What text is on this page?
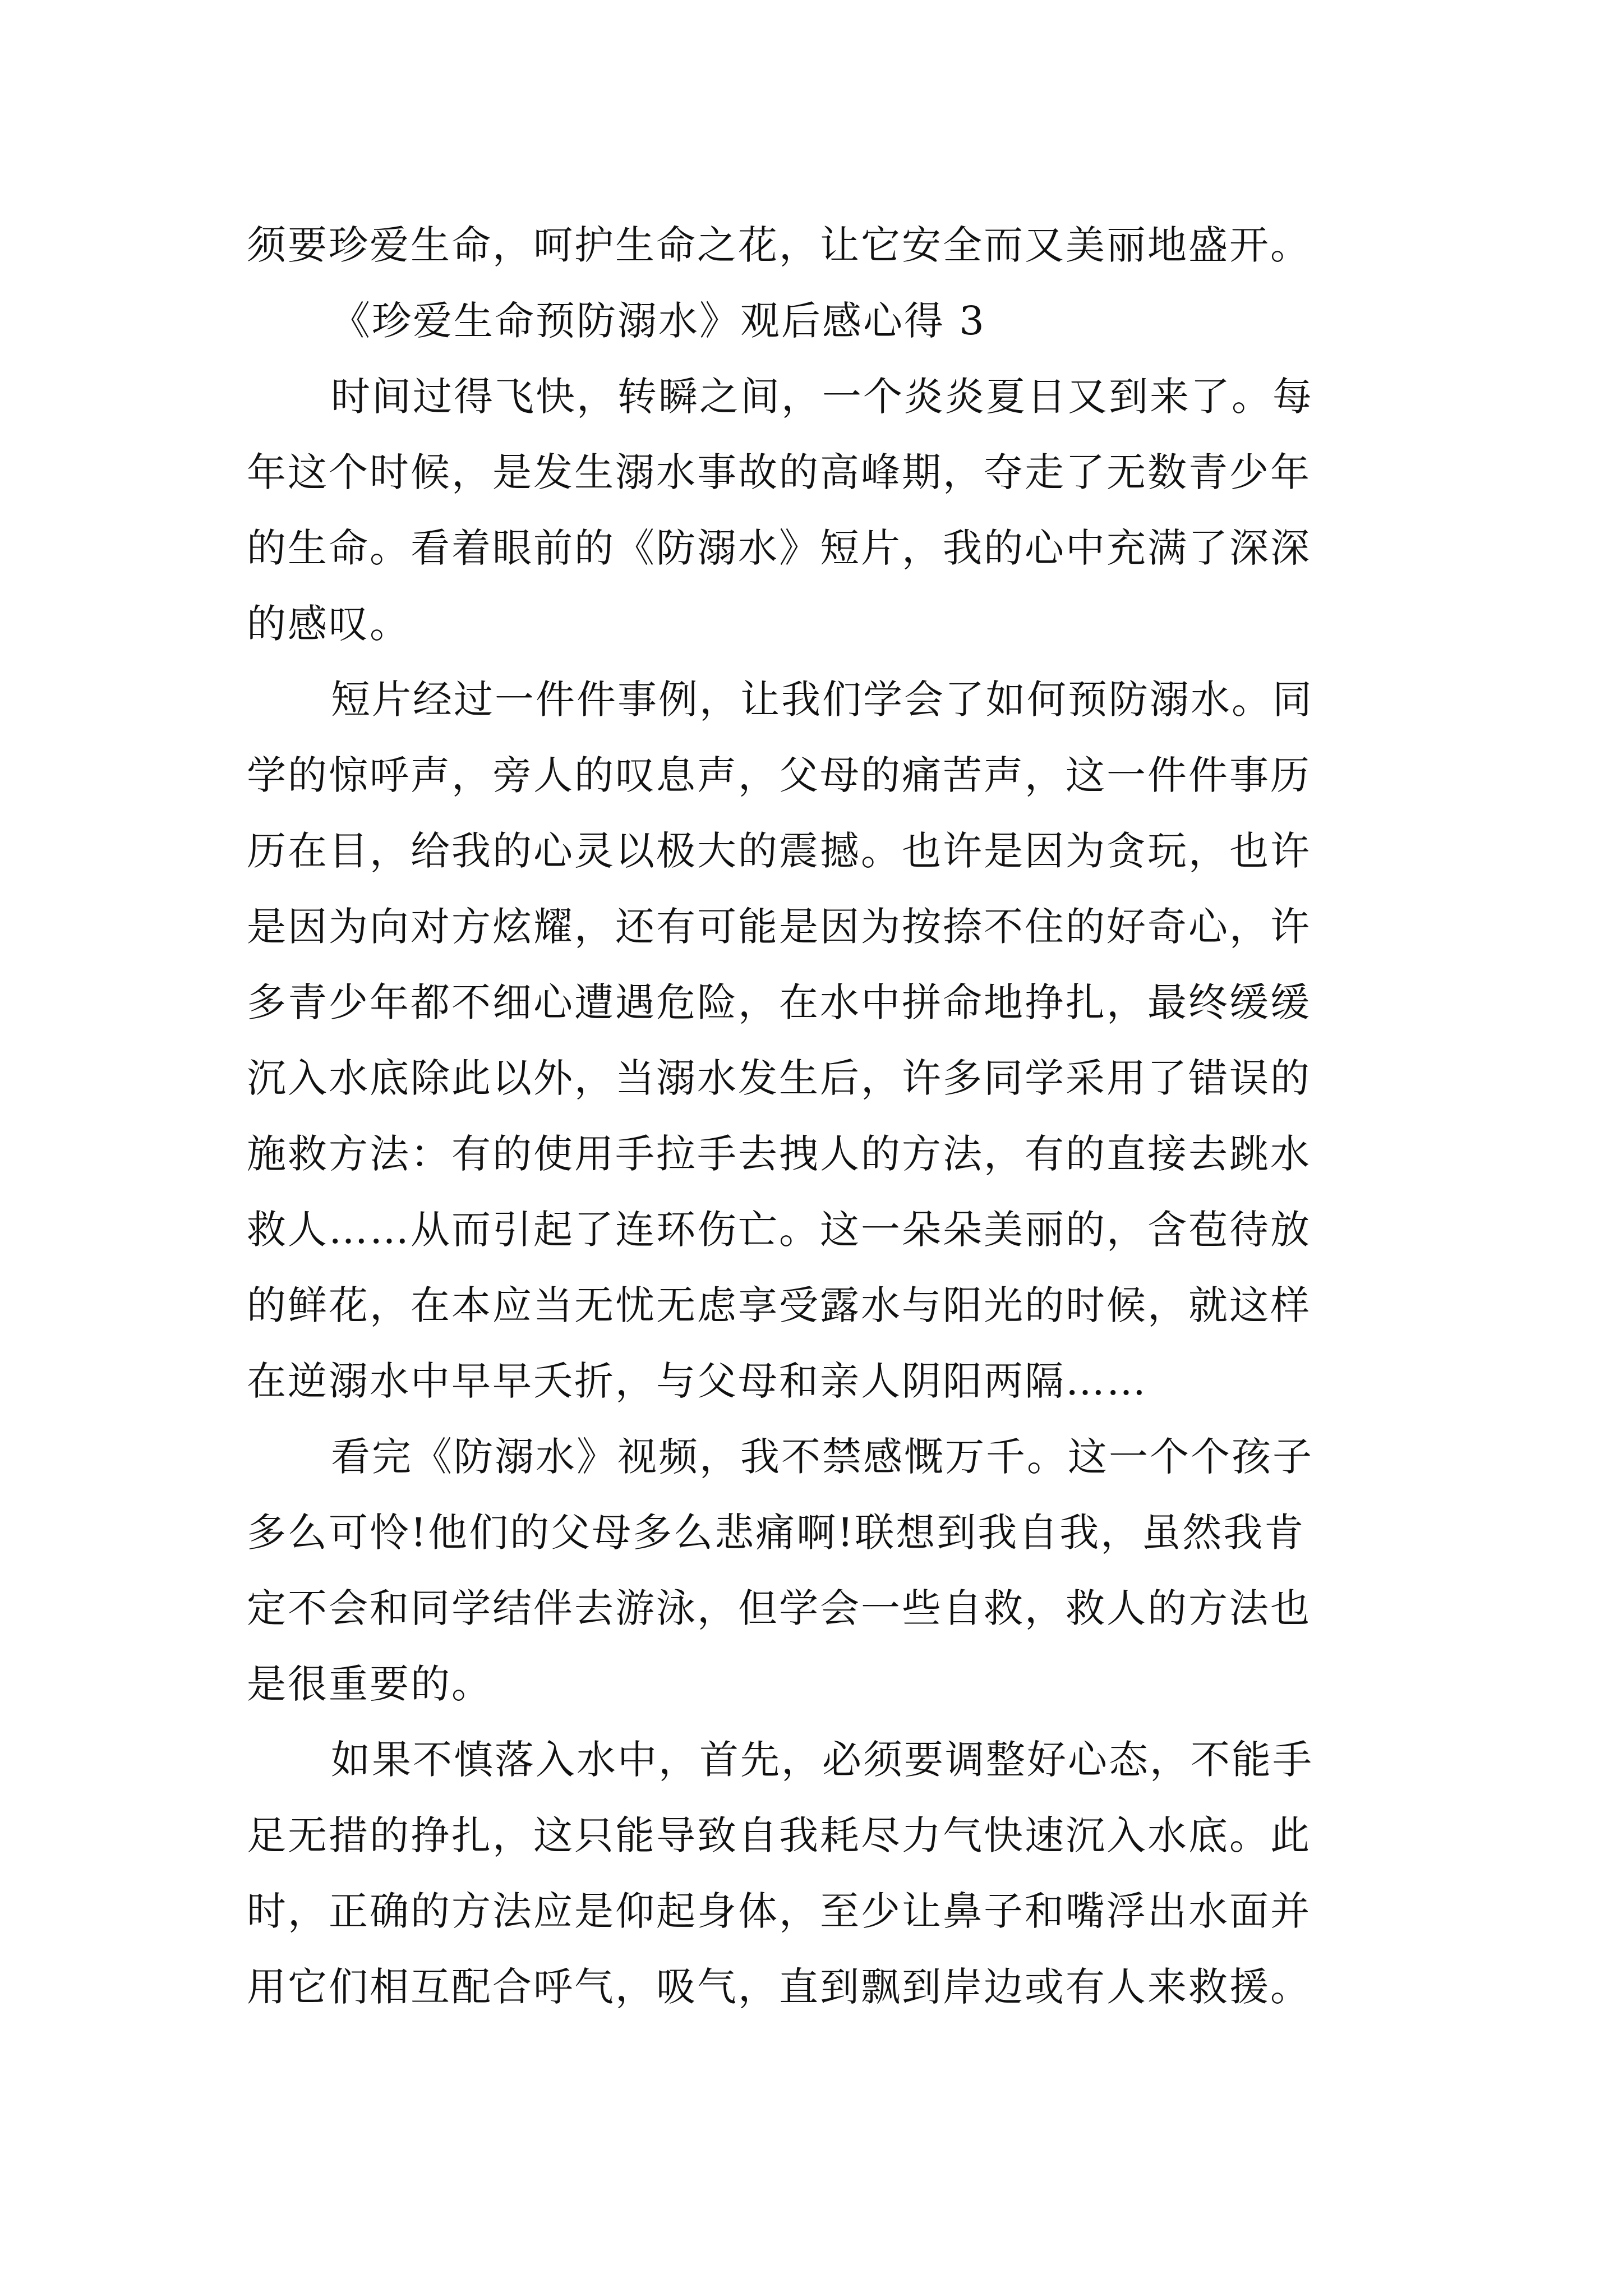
须要珍爱生命，呵护生命之花，让它安全而又美丽地盛开。
《珍爱生命预防溺水》观后感心得 3
时间过得飞快，转瞬之间，一个炎炎夏日又到来了。每
年这个时候，是发生溺水事故的高峰期，夺走了无数青少年
的生命。看着眼前的《防溺水》短片，我的心中充满了深深
的感叹。
短片经过一件件事例，让我们学会了如何预防溺水。同
学的惊呼声，旁人的叹息声，父母的痛苦声，这一件件事历
历在目，给我的心灵以极大的震撼。也许是因为贪玩，也许
是因为向对方炫耀，还有可能是因为按捺不住的好奇心，许
多青少年都不细心遭遇危险，在水中拼命地挣扎，最终缓缓
沉入水底除此以外，当溺水发生后，许多同学采用了错误的
施救方法：有的使用手拉手去拽人的方法，有的直接去跳水
救人……从而引起了连环伤亡。这一朵朵美丽的，含苞待放
的鲜花，在本应当无忧无虑享受露水与阳光的时候，就这样
在逆溺水中早早夭折，与父母和亲人阴阳两隔……
看完《防溺水》视频，我不禁感慨万千。这一个个孩子
多么可怜!他们的父母多么悲痛啊!联想到我自我，虽然我肯
定不会和同学结伴去游泳，但学会一些自救，救人的方法也
是很重要的。
如果不慎落入水中，首先，必须要调整好心态，不能手
足无措的挣扎，这只能导致自我耗尽力气快速沉入水底。此
时，正确的方法应是仰起身体，至少让鼻子和嘴浮出水面并
用它们相互配合呼气，吸气，直到飘到岸边或有人来救援。
